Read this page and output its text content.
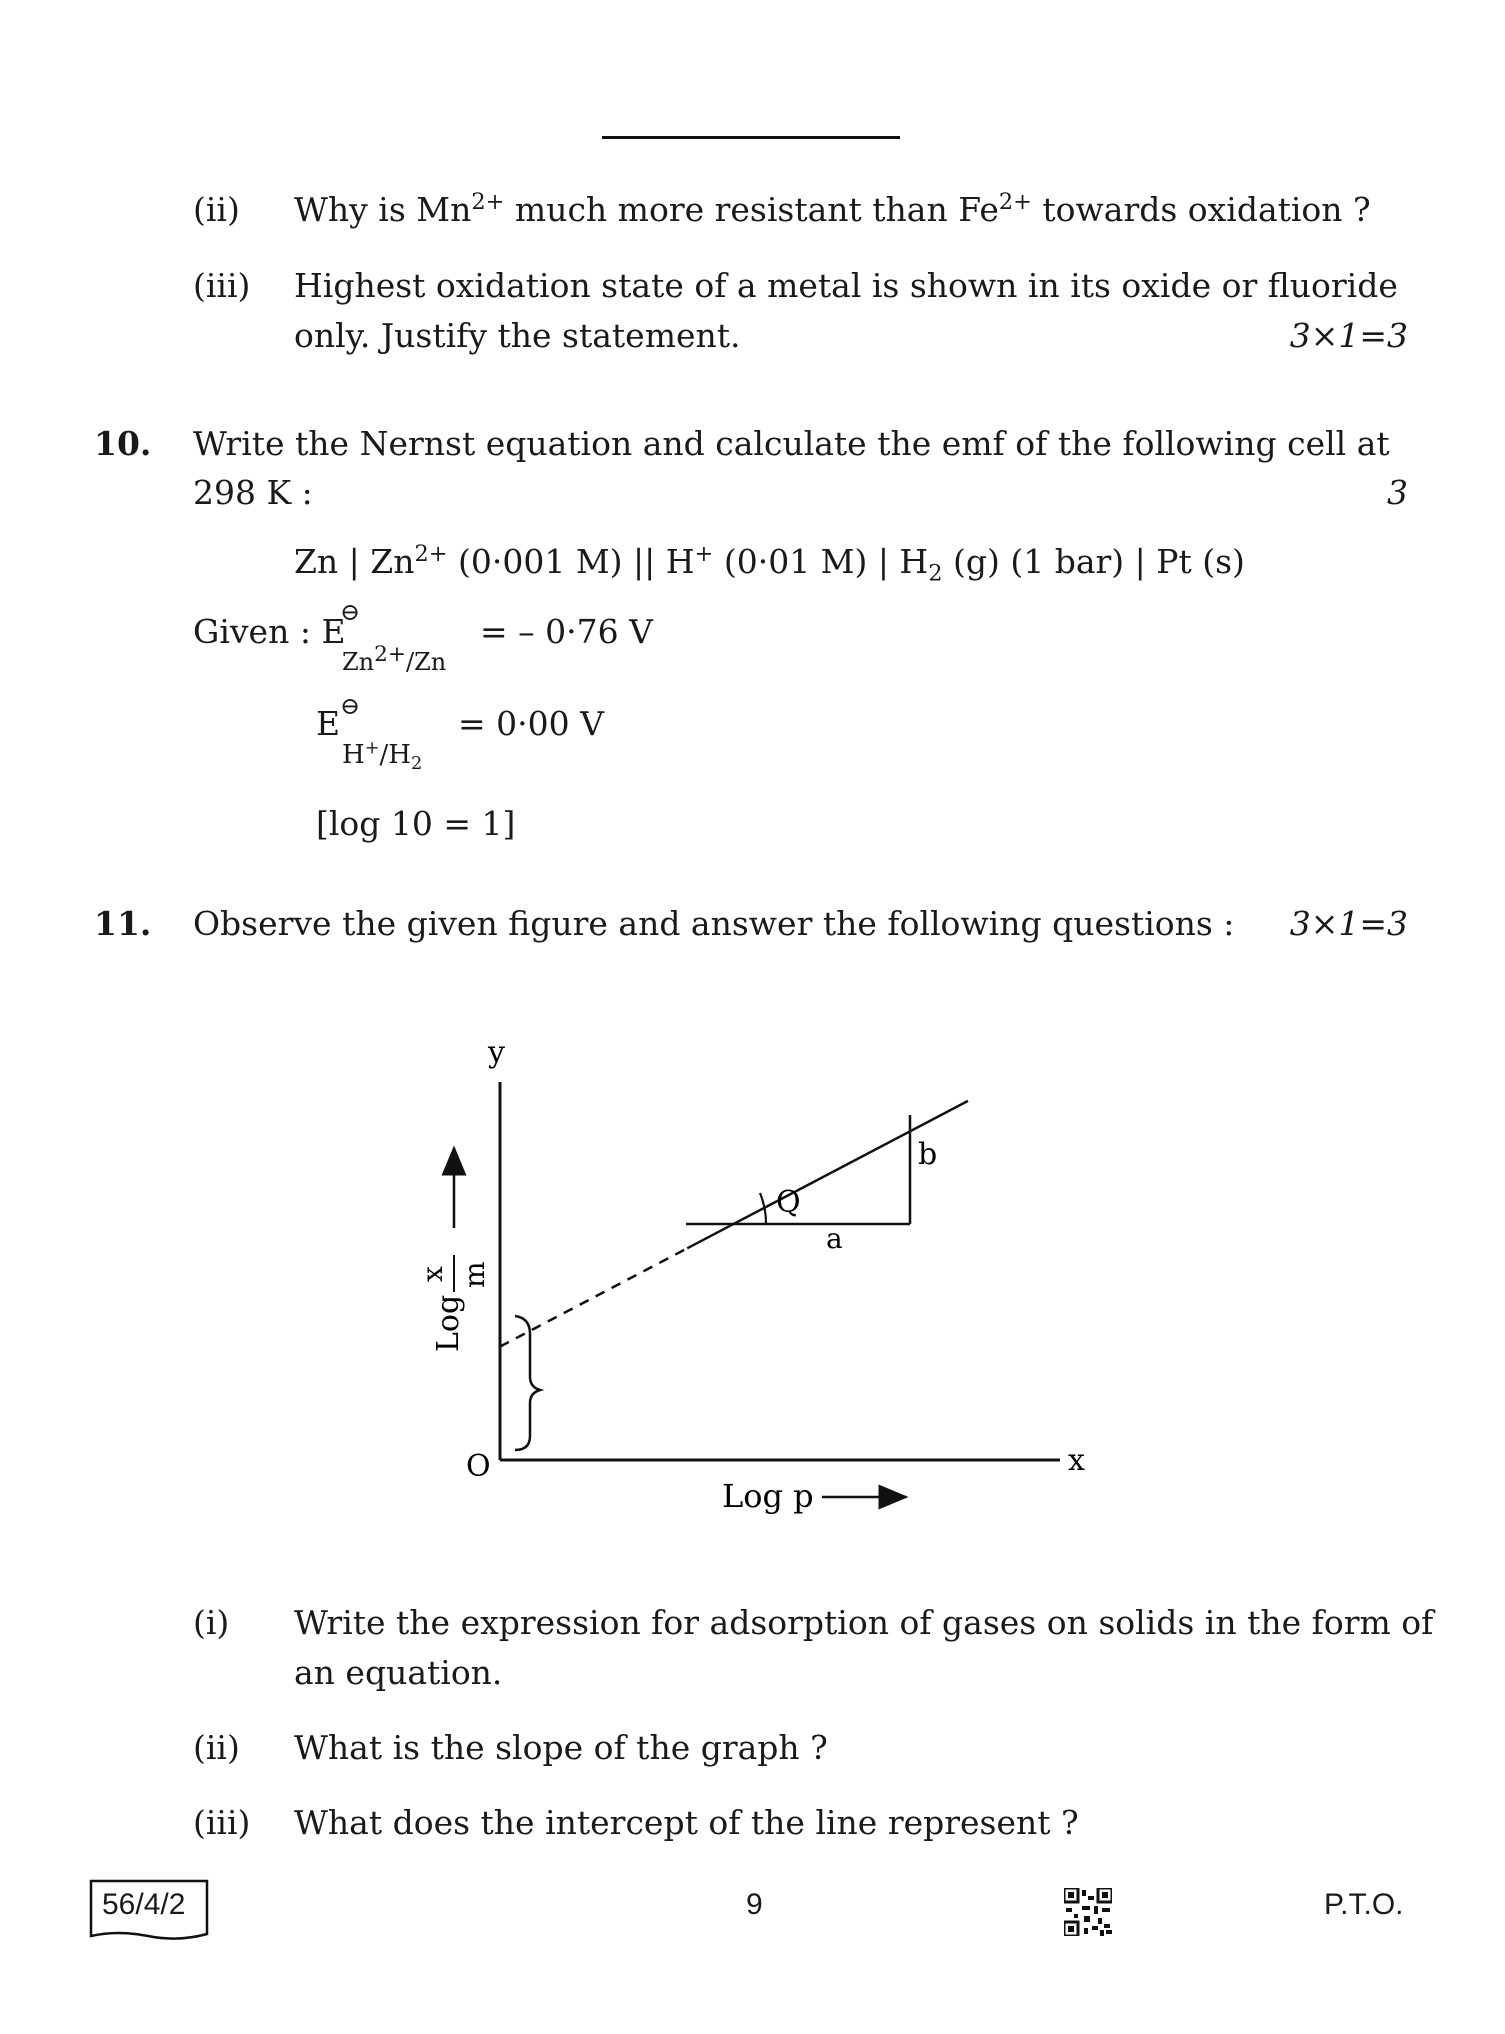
(ii) Why is $Mn^{2+}$ much more resistant than $Fe^{2+}$ towards oxidation ?
(iii) Highest oxidation state of a metal is shown in its oxide or fluoride
only. Justify the statement.	3×1=3
10. Write the Nernst equation and calculate the emf of the following cell at
298 K :	3
Zn | $Zn^{2+}$ (0·001 M) || H+ (0·01 M) | $H_2$ (g) (1 bar) | Pt (s)
Given : E
⊖
$Zn^{2+}/Zn$
= – 0·76 V
E ⊖
$H^+/H_2$
= 0·00 V
[log 10 = 1]
11. Observe the given figure and answer the following questions : 3×1=3
y
x
O
Log p
Q
a
b
Log
x m
(i) Write the expression for adsorption of gases on solids in the form of
an equation.
(ii) What is the slope of the graph ?
(iii) What does the intercept of the line represent ?
56/4/2	9	P.T.O.
